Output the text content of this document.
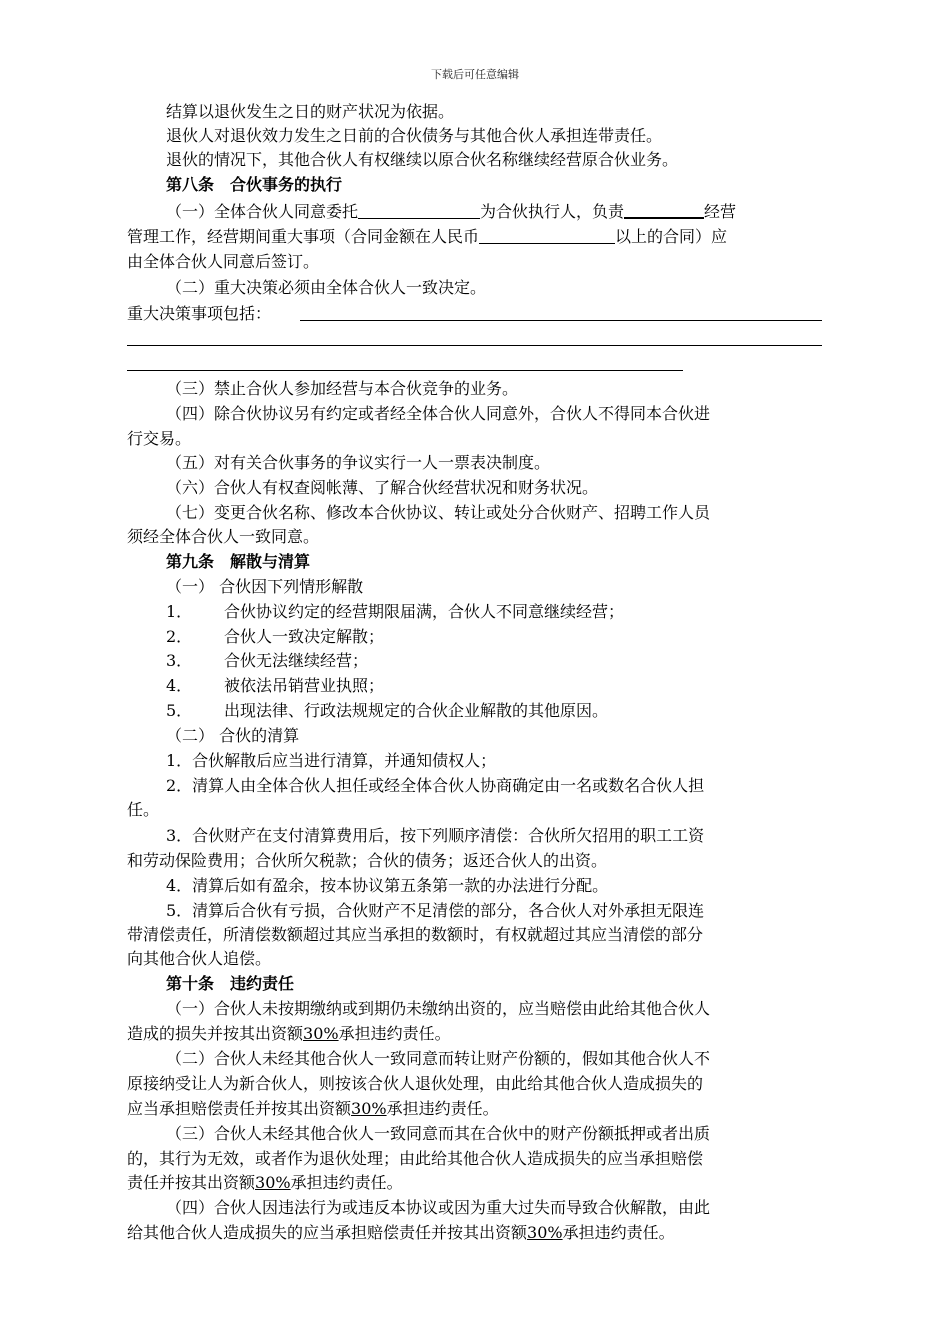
下载后可任意编辑
结算以退伙发生之日的财产状况为依据。
退伙人对退伙效力发生之日前的合伙债务与其他合伙人承担连带责任。
退伙的情况下，其他合伙人有权继续以原合伙名称继续经营原合伙业务。
第八条　合伙事务的执行
（一）全体合伙人同意委托	为合伙执行人，负责	经营
管理工作，经营期间重大事项（合同金额在人民币	以上的合同）应
由全体合伙人同意后签订。
（二）重大决策必须由全体合伙人一致决定。
重大决策事项包括：
（三）禁止合伙人参加经营与本合伙竞争的业务。
（四）除合伙协议另有约定或者经全体合伙人同意外，合伙人不得同本合伙进
行交易。
（五）对有关合伙事务的争议实行一人一票表决制度。
（六）合伙人有权查阅帐薄、了解合伙经营状况和财务状况。
（七）变更合伙名称、修改本合伙协议、转让或处分合伙财产、招聘工作人员
须经全体合伙人一致同意。
第九条　解散与清算
（一） 合伙因下列情形解散
1． 合伙协议约定的经营期限届满，合伙人不同意继续经营；
2． 合伙人一致决定解散；
3． 合伙无法继续经营；
4． 被依法吊销营业执照；
5． 出现法律、行政法规规定的合伙企业解散的其他原因。
（二） 合伙的清算
1．合伙解散后应当进行清算，并通知债权人；
2．清算人由全体合伙人担任或经全体合伙人协商确定由一名或数名合伙人担
任。
3．合伙财产在支付清算费用后，按下列顺序清偿：合伙所欠招用的职工工资
和劳动保险费用；合伙所欠税款；合伙的债务；返还合伙人的出资。
4．清算后如有盈余，按本协议第五条第一款的办法进行分配。
5．清算后合伙有亏损，合伙财产不足清偿的部分，各合伙人对外承担无限连
带清偿责任，所清偿数额超过其应当承担的数额时，有权就超过其应当清偿的部分
向其他合伙人追偿。
第十条　违约责任
（一）合伙人未按期缴纳或到期仍未缴纳出资的，应当赔偿由此给其他合伙人
造成的损失并按其出资额30%承担违约责任。
（二）合伙人未经其他合伙人一致同意而转让财产份额的，假如其他合伙人不
原接纳受让人为新合伙人，则按该合伙人退伙处理，由此给其他合伙人造成损失的
应当承担赔偿责任并按其出资额30%承担违约责任。
（三）合伙人未经其他合伙人一致同意而其在合伙中的财产份额抵押或者出质
的，其行为无效，或者作为退伙处理；由此给其他合伙人造成损失的应当承担赔偿
责任并按其出资额30%承担违约责任。
（四）合伙人因违法行为或违反本协议或因为重大过失而导致合伙解散，由此
给其他合伙人造成损失的应当承担赔偿责任并按其出资额30%承担违约责任。
